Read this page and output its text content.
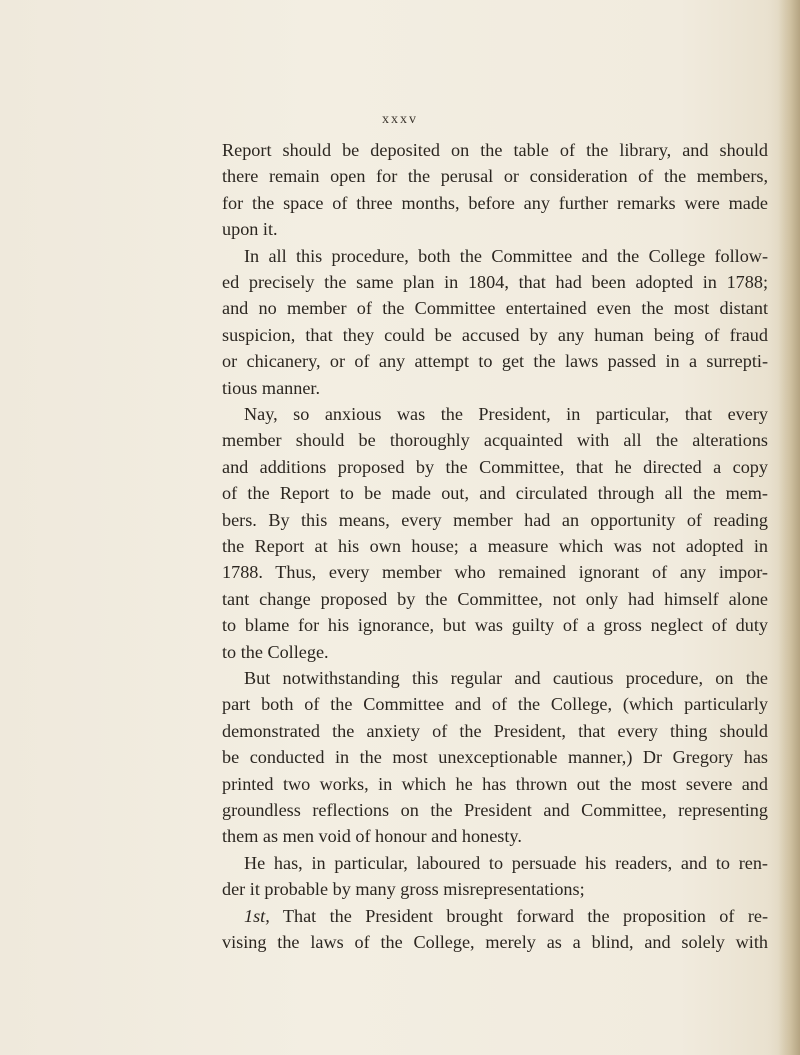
xxxv
Report should be deposited on the table of the library, and should
there remain open for the perusal or consideration of the members,
for the space of three months, before any further remarks were made
upon it.
In all this procedure, both the Committee and the College follow-
ed precisely the same plan in 1804, that had been adopted in 1788;
and no member of the Committee entertained even the most distant
suspicion, that they could be accused by any human being of fraud
or chicanery, or of any attempt to get the laws passed in a surrepti-
tious manner.
Nay, so anxious was the President, in particular, that every
member should be thoroughly acquainted with all the alterations
and additions proposed by the Committee, that he directed a copy
of the Report to be made out, and circulated through all the mem-
bers. By this means, every member had an opportunity of reading
the Report at his own house; a measure which was not adopted in
1788. Thus, every member who remained ignorant of any impor-
tant change proposed by the Committee, not only had himself alone
to blame for his ignorance, but was guilty of a gross neglect of duty
to the College.
But notwithstanding this regular and cautious procedure, on the
part both of the Committee and of the College, (which particularly
demonstrated the anxiety of the President, that every thing should
be conducted in the most unexceptionable manner,) Dr Gregory has
printed two works, in which he has thrown out the most severe and
groundless reflections on the President and Committee, representing
them as men void of honour and honesty.
He has, in particular, laboured to persuade his readers, and to ren-
der it probable by many gross misrepresentations;
1st, That the President brought forward the proposition of re-
vising the laws of the College, merely as a blind, and solely with
